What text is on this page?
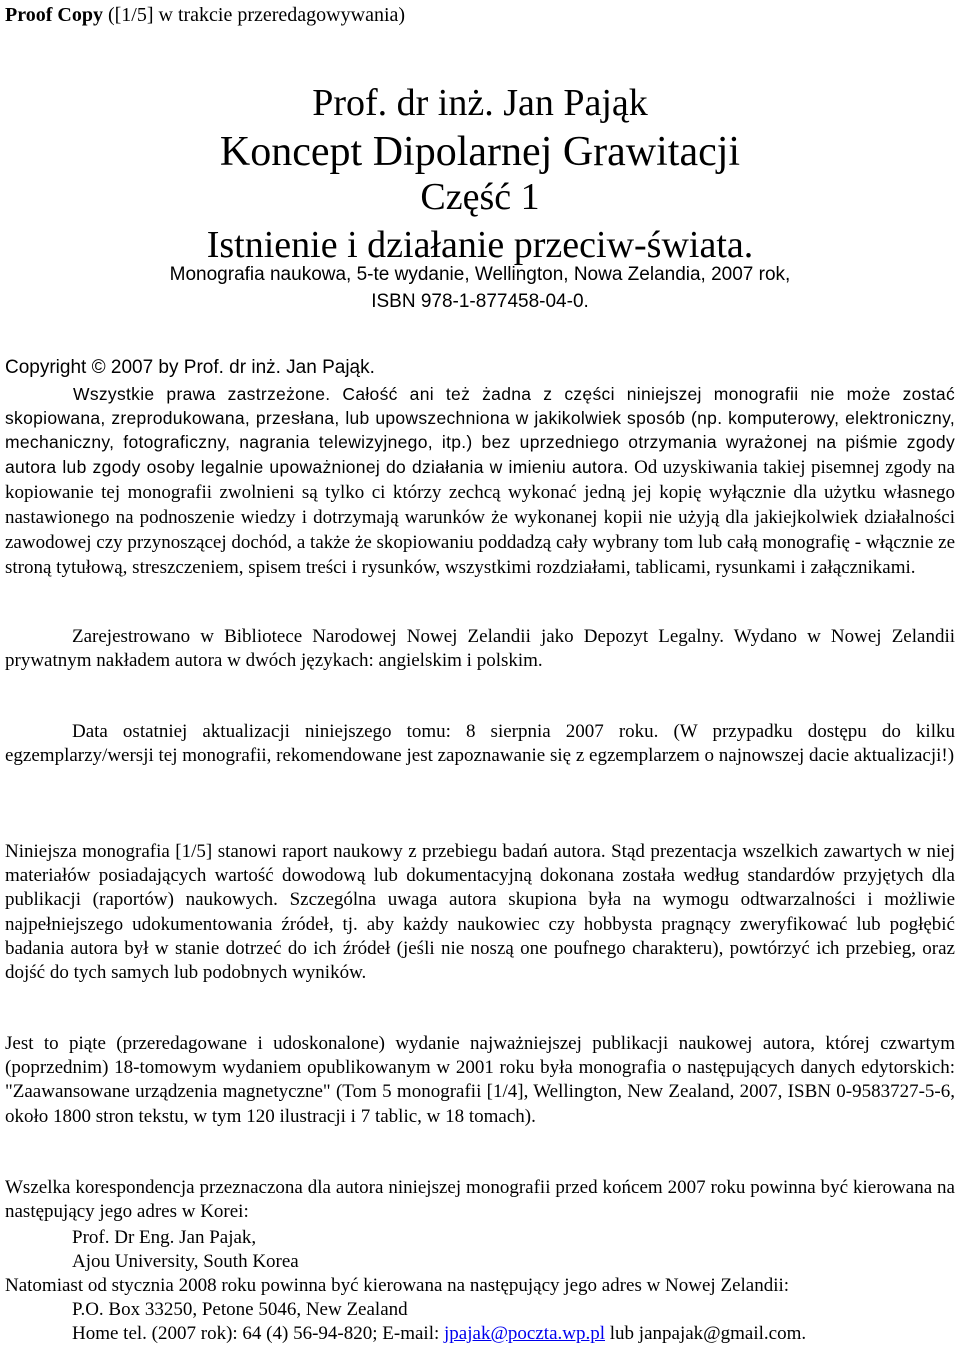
Proof Copy ([1/5] w trakcie przeredagowywania)
Prof. dr inż. Jan Pająk
Koncept Dipolarnej Grawitacji
Część 1
Istnienie i działanie przeciw-świata.
Monografia naukowa, 5-te wydanie, Wellington, Nowa Zelandia, 2007 rok,
ISBN 978-1-877458-04-0.
Copyright © 2007 by Prof. dr inż. Jan Pająk.
Wszystkie prawa zastrzeżone. Całość ani też żadna z części niniejszej monografii nie może zostać skopiowana, zreprodukowana, przesłana, lub upowszechniona w jakikolwiek sposób (np. komputerowy, elektroniczny, mechaniczny, fotograficzny, nagrania telewizyjnego, itp.) bez uprzedniego otrzymania wyrażonej na piśmie zgody autora lub zgody osoby legalnie upoważnionej do działania w imieniu autora. Od uzyskiwania takiej pisemnej zgody na kopiowanie tej monografii zwolnieni są tylko ci którzy zechcą wykonać jedną jej kopię wyłącznie dla użytku własnego nastawionego na podnoszenie wiedzy i dotrzymają warunków że wykonanej kopii nie użyją dla jakiejkolwiek działalności zawodowej czy przynoszącej dochód, a także że skopiowaniu poddadzą cały wybrany tom lub całą monografię - włącznie ze stroną tytułową, streszczeniem, spisem treści i rysunków, wszystkimi rozdziałami, tablicami, rysunkami i załącznikami.
Zarejestrowano w Bibliotece Narodowej Nowej Zelandii jako Depozyt Legalny. Wydano w Nowej Zelandii prywatnym nakładem autora w dwóch językach: angielskim i polskim.
Data ostatniej aktualizacji niniejszego tomu: 8 sierpnia 2007 roku. (W przypadku dostępu do kilku egzemplarzy/wersji tej monografii, rekomendowane jest zapoznawanie się z egzemplarzem o najnowszej dacie aktualizacji!)
Niniejsza monografia [1/5] stanowi raport naukowy z przebiegu badań autora. Stąd prezentacja wszelkich zawartych w niej materiałów posiadających wartość dowodową lub dokumentacyjną dokonana została według standardów przyjętych dla publikacji (raportów) naukowych. Szczególna uwaga autora skupiona była na wymogu odtwarzalności i możliwie najpełniejszego udokumentowania źródeł, tj. aby każdy naukowiec czy hobbysta pragnący zweryfikować lub pogłębić badania autora był w stanie dotrzeć do ich źródeł (jeśli nie noszą one poufnego charakteru), powtórzyć ich przebieg, oraz dojść do tych samych lub podobnych wyników.
Jest to piąte (przeredagowane i udoskonalone) wydanie najważniejszej publikacji naukowej autora, której czwartym (poprzednim) 18-tomowym wydaniem opublikowanym w 2001 roku była monografia o następujących danych edytorskich: "Zaawansowane urządzenia magnetyczne" (Tom 5 monografii [1/4], Wellington, New Zealand, 2007, ISBN 0-9583727-5-6, około 1800 stron tekstu, w tym 120 ilustracji i 7 tablic, w 18 tomach).
Wszelka korespondencja przeznaczona dla autora niniejszej monografii przed końcem 2007 roku powinna być kierowana na następujący jego adres w Korei:
Prof. Dr Eng. Jan Pajak,
Ajou University, South Korea
Natomiast od stycznia 2008 roku powinna być kierowana na następujący jego adres w Nowej Zelandii:
P.O. Box 33250, Petone 5046, New Zealand
Home tel. (2007 rok): 64 (4) 56-94-820; E-mail: jpajak@poczta.wp.pl lub janpajak@gmail.com.
